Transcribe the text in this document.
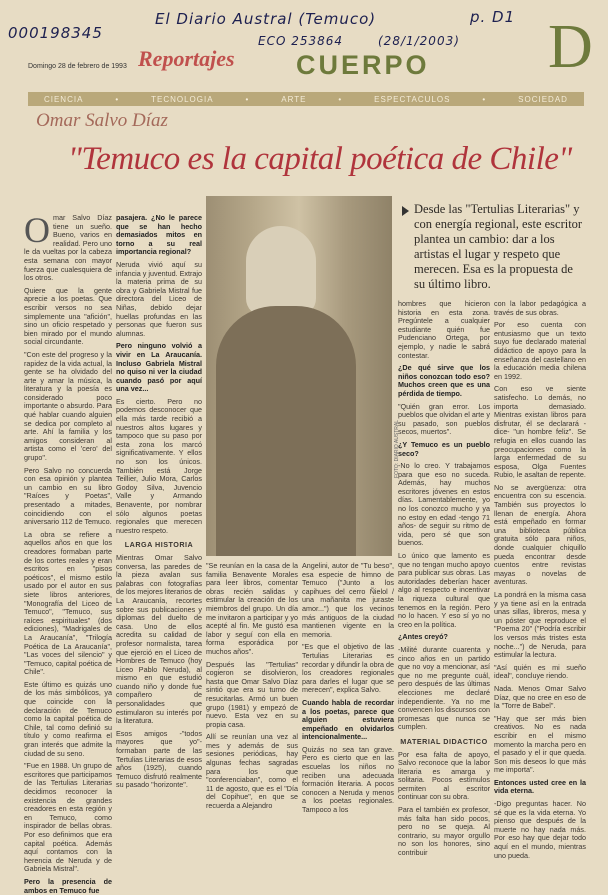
000198345
El Diario Austral (Temuco)	p. D1
ECO 253864	(28/1/2003)
Domingo 28 de febrero de 1993 Reportajes CUERPO D
CIENCIA	•	TECNOLOGIA	•	ARTE	•	ESPECTACULOS	•	SOCIEDAD
Omar Salvo Díaz
"Temuco es la capital poética de Chile"
Desde las "Tertulias Literarias" y con energía regional, este escritor plantea un cambio: dar a los artistas el lugar y respeto que merecen. Esa es la propuesta de su último libro.
FOTO: DIARIO AUSTRAL
O mar Salvo Díaz tiene un sueño. Bueno, varios en realidad. Pero uno le da vueltas por la cabeza esta semana con mayor fuerza que cualesquiera de los otros.

Quiere que la gente aprecie a los poetas. Que escribir versos no sea simplemente una "afición", sino un oficio respetado y bien mirado por el mundo social circundante.

"Con este del progreso y la rapidez de la vida actual, la gente se ha olvidado del arte y amar la música, la literatura y la poesía es considerado poco importante o absurdo. Para qué hablar cuando alguien se dedica por completo al arte. Ahí la familia y los amigos consideran al artista como el 'cero' del grupo".

Pero Salvo no concuerda con esa opinión y plantea un cambio en su libro "Raíces y Poetas", presentado a mitades, coincidiendo con el aniversario 112 de Temuco.

La obra se refiere a aquellos años en que los creadores formaban parte de los cortes reales y eran escritos en "pisos poéticos", el mismo estilo usado por el autor en sus siete libros anteriores, "Monografía del Liceo de Temuco", "Temuco, sus raíces espirituales" (dos ediciones), "Madrigales de La Araucanía", "Trilogía Poética de La Araucanía", "Las voces del silencio" y "Temuco, capital poética de Chile".

Este último es quizás uno de los más simbólicos, ya que coincide con la declaración de Temuco como la capital poética de Chile, tal como definió su título y como reafirma el gran interés que admite la ciudad de su seno.

"Fue en 1988. Un grupo de escritores que participamos de las Tertulias Literarias decidimos reconocer la existencia de grandes creadores en esta región y en Temuco, como inspirador de bellas obras. Por eso definimos que era capital poética. Además aquí contamos con la herencia de Neruda y de Gabriela Mistral".

Pero la presencia de ambos en Temuco fue

pasajera. ¿No le parece que se han hecho demasiados mitos en torno a su real importancia regional?

Neruda vivió aquí su infancia y juventud. Extrajo la materia prima de su obra y Gabriela Mistral fue directora del Liceo de Niñas, debido dejar huellas profundas en las personas que fueron sus alumnas.

Pero ninguno volvió a vivir en La Araucanía. Incluso Gabriela Mistral no quiso ni ver la ciudad cuando pasó por aquí una vez...

Es cierto. Pero no podemos desconocer que ella más tarde recibió a nuestros altos lugares y tampoco que su paso por esta zona los marcó significativamente. Y ellos no son los únicos. También está Jorge Teillier, Julio Mora, Carlos Godoy Silva, Juvencio Valle y Armando Benavente, por nombrar sólo algunos poetas regionales que merecen nuestro respeto.

LARGA HISTORIA

Mientras Omar Salvo conversa, las paredes de la pieza avalan sus palabras con fotografías de los mejores literarios de La Araucanía, recortes sobre sus publicaciones y diplomas del duelto de casa. Uno de ellos acredita su calidad de profesor normalista, tarea que ejerció en el Liceo de Hombres de Temuco (hoy Liceo Pablo Neruda), al mismo en que estudió cuando niño y donde fue compañero de personalidades que estimularon su interés por la literatura.

Esos amigos -"todos mayores que yo"- formaban parte de las Tertulias Literarias de esos años (1925), cuando Temuco disfrutó realmente su pasado "horizonte".

"Se reunían en la casa de la familia Benavente Morales para leer libros, comentar obras recién salidas y estimular la creación de los miembros del grupo. Un día me invitaron a participar y yo acepté al fin. Me gustó esa labor y seguí con ella en forma esporádica por muchos años".

Después las "Tertulias" cogieron se disolvieron, hasta que Omar Salvo Díaz sintió que era su turno de resucitarlas. Armó un buen grupo (1981) y empezó de nuevo. Esta vez en su propia casa.

Allí se reunían una vez al mes y además de sus sesiones periódicas, hay algunas fechas sagradas para los que "conferenciaban", como el 11 de agosto, que es el "Día del Copihue", en que se recuerda a Alejandro

Angelini, autor de "Tu beso", esa especie de himno de Temuco ("Junto a los capihues del cerro Ñielol / una mañanita me juraste amor...") que los vecinos más antiguos de la ciudad mantienen vigente en la memoria.

"Es que el objetivo de las Tertulias Literarias es recordar y difundir la obra de los creadores regionales para darles el lugar que se merecen", explica Salvo.

Cuando habla de recordar a los poetas, parece que alguien estuviera empeñado en olvidarlos intencionalmente...

Quizás no sea tan grave. Pero es cierto que en las escuelas los niños no reciben una adecuada formación literaria. A pocos conocen a Neruda y menos a los poetas regionales. Tampoco a los

hombres que hicieron historia en esta zona. Pregúntele a cualquier estudiante quién fue Pudenciano Ortega, por ejemplo, y nadie le sabrá contestar.

¿De qué sirve que los niños conozcan todo eso? Muchos creen que es una pérdida de tiempo.

"Quién gran error. Los pueblos que olvidan el arte y su pasado, son pueblos secos, muertos".

¿Y Temuco es un pueblo seco?

-No lo creo. Y trabajamos para que eso no suceda. Además, hay muchos escritores jóvenes en estos días. Lamentablemente, yo no los conozco mucho y ya no estoy en edad -tengo 71 años- de seguir su ritmo de vida, pero sé que son buenos.

Lo único que lamento es que no tengan mucho apoyo para publicar sus obras. Las autoridades deberían hacer algo al respecto e incentivar la riqueza cultural que tenemos en la región. Pero no lo hacen. Y eso sí yo no creo en la política.

¿Antes creyó?

-Milité durante cuarenta y cinco años en un partido que no voy a mencionar, así que no me pregunte cuál, pero después de las últimas elecciones me declaré independiente. Ya no me convencen los discursos con promesas que nunca se cumplen.

MATERIAL DIDACTICO

Por esa falta de apoyo, Salvo reconoce que la labor literaria es amarga y solitaria. Pocos estímulos permiten al escritor continuar con su obra.

Para el también ex profesor, más falta han sido pocos, pero no se queja. Al contrario, su mayor orgullo no son los honores, sino contribuir

con la labor pedagógica a través de sus obras.

Por eso cuenta con entusiasmo que un texto suyo fue declarado material didáctico de apoyo para la enseñanza del castellano en la educación media chilena en 1992.

Con eso ve siente satisfecho. Lo demás, no importa demasiado. Mientras existan libros para disfrutar, él se declarará -dice- "un hombre feliz". Se refugia en ellos cuando las preocupaciones como la larga enfermedad de su esposa, Olga Fuentes Rubio, le asaltan de repente.

No se avergüenza: otra encuentra con su escencia. También sus proyectos lo llenan de energía. Ahora está empeñado en formar una biblioteca pública gratuita sólo para niños, donde cualquier chiquillo pueda encontrar desde cuentos entre revistas mayas o novelas de aventuras.

La pondrá en la misma casa y ya tiene así en la entrada unas sillas, libreros, mesa y un póster que reproduce el "Poema 20" ("Podría escribir los versos más tristes esta noche...") de Neruda, para estimular la lectura.

"Así quién es mi sueño ideal", concluye riendo.

Nada. Menos Omar Salvo Díaz, que no cree en eso de la "Torre de Babel".

"Hay que ser más bien creativos. No es nada escribir en el mismo momento la marcha pero en el pasado y el ir que queda. Son mis deseos lo que más me importa".

Entonces usted cree en la vida eterna.

-Digo preguntas hacer. No sé que es la vida eterna. Yo pienso que después de la muerte no hay nada más. Por eso hay que dejar todo aquí en el mundo, mientras uno pueda.
